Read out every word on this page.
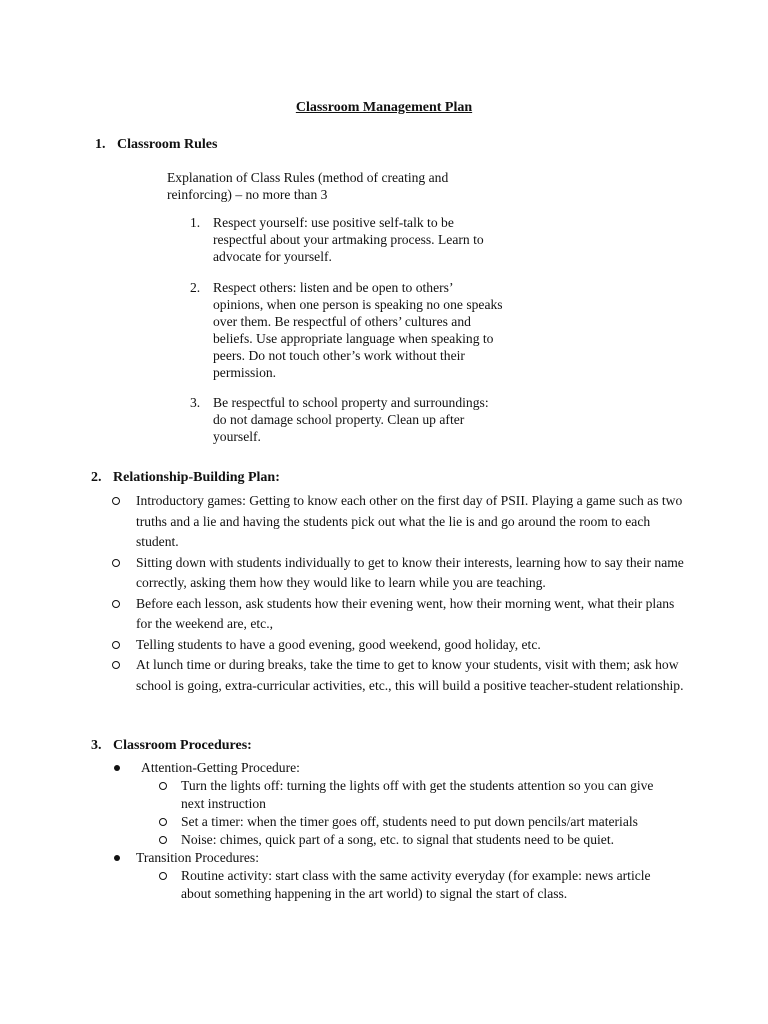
Classroom Management Plan
1. Classroom Rules
Explanation of Class Rules (method of creating and reinforcing) – no more than 3
1. Respect yourself: use positive self-talk to be respectful about your artmaking process. Learn to advocate for yourself.
2. Respect others: listen and be open to others’ opinions, when one person is speaking no one speaks over them. Be respectful of others’ cultures and beliefs. Use appropriate language when speaking to peers. Do not touch other’s work without their permission.
3. Be respectful to school property and surroundings: do not damage school property. Clean up after yourself.
2. Relationship-Building Plan:
Introductory games: Getting to know each other on the first day of PSII. Playing a game such as two truths and a lie and having the students pick out what the lie is and go around the room to each student.
Sitting down with students individually to get to know their interests, learning how to say their name correctly, asking them how they would like to learn while you are teaching.
Before each lesson, ask students how their evening went, how their morning went, what their plans for the weekend are, etc.,
Telling students to have a good evening, good weekend, good holiday, etc.
At lunch time or during breaks, take the time to get to know your students, visit with them; ask how school is going, extra-curricular activities, etc., this will build a positive teacher-student relationship.
3. Classroom Procedures:
Attention-Getting Procedure:
Turn the lights off: turning the lights off with get the students attention so you can give next instruction
Set a timer: when the timer goes off, students need to put down pencils/art materials
Noise: chimes, quick part of a song, etc. to signal that students need to be quiet.
Transition Procedures:
Routine activity: start class with the same activity everyday (for example: news article about something happening in the art world) to signal the start of class.
